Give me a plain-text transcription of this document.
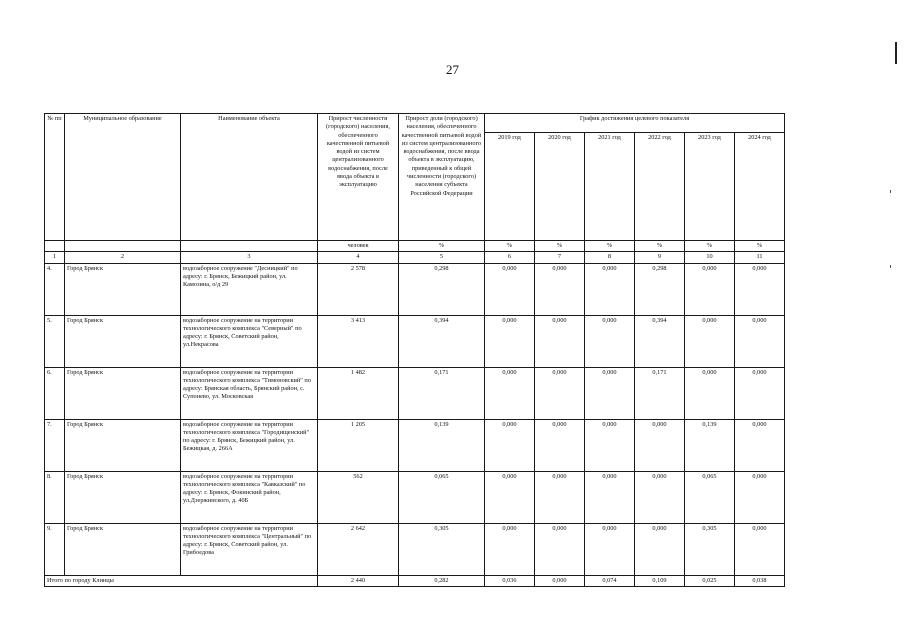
27
№ пп	Муниципальное образование	Наименование объекта	Прирост численности (городского) населения, обеспеченного качественной питьевой водой из систем централизованного водоснабжения, после ввода объекта в эксплуатацию	Прирост доли (городского) населения, обеспеченного качественной питьевой водой из систем централизованного водоснабжения, после ввода объекта в эксплуатацию, приведенный к общей численности (городского) населения субъекта Российской Федерации	График достижения целевого показателя					
					2019 год	2020 год	2021 год	2022 год	2023 год	2024 год
			человек	%	%	%	%	%	%	%
1	2	3	4	5	6	7	8	9	10	11
4.	Город Брянск	водозаборное сооружение "Десницкий" по адресу: г. Брянск, Бежицкий район, ул. Камозина, о/д 29	2 578	0,298	0,000	0,000	0,000	0,298	0,000	0,000
5.	Город Брянск	водозаборное сооружение на территории технологического комплекса "Северный" по адресу: г. Брянск, Советский район, ул.Некрасова	3 413	0,394	0,000	0,000	0,000	0,394	0,000	0,000
6.	Город Брянск	водозаборное сооружение на территории технологического комплекса "Тимоновский" по адресу: Брянская область, Брянский район, с. Супонево, ул. Московская	1 482	0,171	0,000	0,000	0,000	0,171	0,000	0,000
7.	Город Брянск	водозаборное сооружение на территории технологического комплекса "Городищенский" по адресу: г. Брянск, Бежицкий район, ул. Бежицкая, д. 266А	1 205	0,139	0,000	0,000	0,000	0,000	0,139	0,000
8.	Город Брянск	водозаборное сооружение на территории технологического комплекса "Кавказский" по адресу: г. Брянск, Фокинский район, ул.Дзержинского, д. 40Б	562	0,065	0,000	0,000	0,000	0,000	0,065	0,000
9.	Город Брянск	водозаборное сооружение на территории технологического комплекса "Центральный" по адресу: г. Брянск, Советский район, ул. Грибоедова	2 642	0,305	0,000	0,000	0,000	0,000	0,305	0,000
Итого по городу Клинцы			2 440	0,282	0,036	0,000	0,074	0,109	0,025	0,038
